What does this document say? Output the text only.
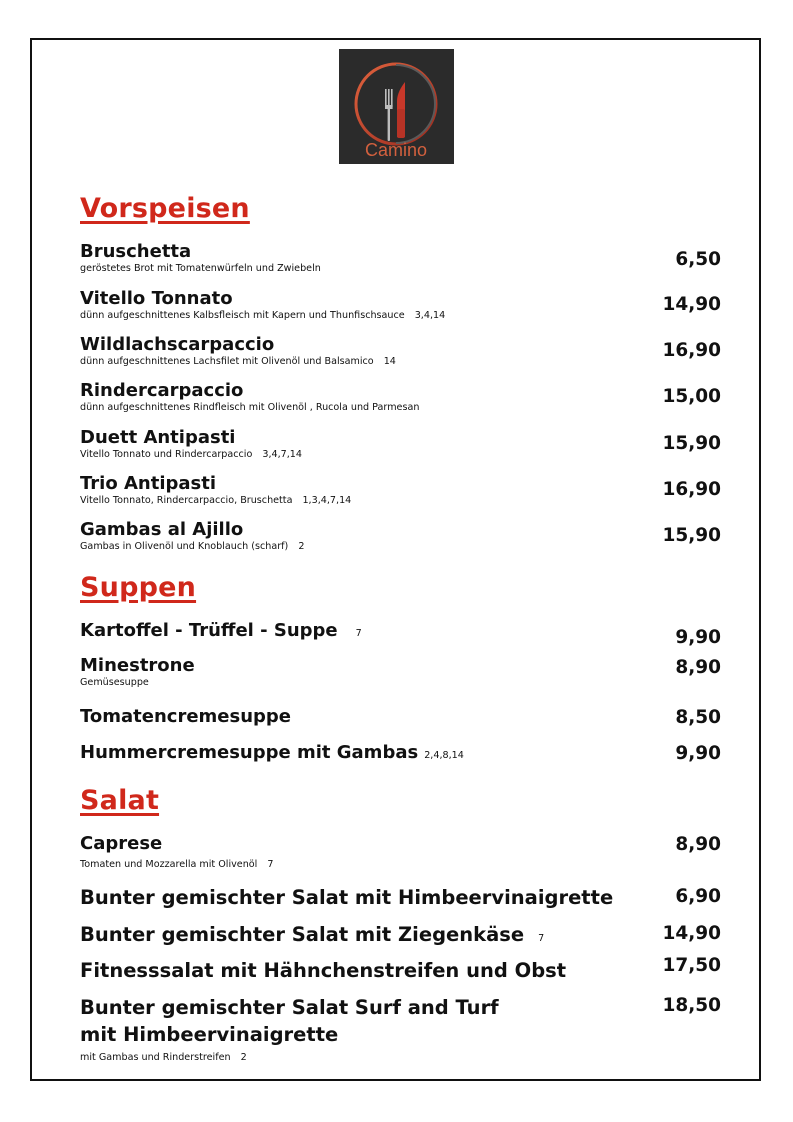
Camino
Vorspeisen
Bruschetta
geröstetes Brot mit Tomatenwürfeln und Zwiebeln	6,50
Vitello Tonnato
dünn aufgeschnittenes Kalbsfleisch mit Kapern und Thunfischsauce 3,4,14
14,90
Wildlachscarpaccio
dünn aufgeschnittenes Lachsfilet mit Olivenöl und Balsamico 14
16,90
Rindercarpaccio
dünn aufgeschnittenes Rindfleisch mit Olivenöl , Rucola und Parmesan
15,00
Duett Antipasti
Vitello Tonnato und Rindercarpaccio 3,4,7,14
15,90
Trio Antipasti
Vitello Tonnato, Rindercarpaccio, Bruschetta 1,3,4,7,14
16,90
Gambas al Ajillo
Gambas in Olivenöl und Knoblauch (scharf) 2
15,90
Suppen
Kartoffel - Trüffel - Suppe 7	9,90
Minestrone
Gemüsesuppe
8,90
Tomatencremesuppe	8,50
Hummercremesuppe mit Gambas 2,4,8,14	9,90
Salat
Caprese
Tomaten und Mozzarella mit Olivenöl 7
8,90
Bunter gemischter Salat mit Himbeervinaigrette	6,90
Bunter gemischter Salat mit Ziegenkäse 7	14,90
Fitnesssalat mit Hähnchenstreifen und Obst	17,50
Bunter gemischter Salat Surf and Turf
mit Himbeervinaigrette
mit Gambas und Rinderstreifen 2
18,50
